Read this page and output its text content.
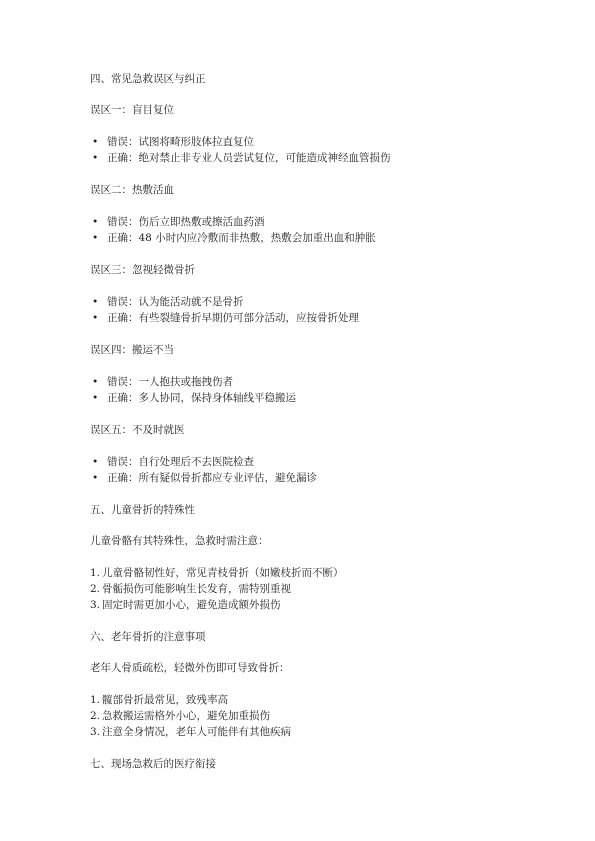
四、常见急救误区与纠正

误区一：盲目复位

• 错误：试图将畸形肢体拉直复位
• 正确：绝对禁止非专业人员尝试复位，可能造成神经血管损伤

误区二：热敷活血

• 错误：伤后立即热敷或擦活血药酒
• 正确：48 小时内应冷敷而非热敷，热敷会加重出血和肿胀

误区三：忽视轻微骨折

• 错误：认为能活动就不是骨折
• 正确：有些裂缝骨折早期仍可部分活动，应按骨折处理

误区四：搬运不当

• 错误：一人抱扶或拖拽伤者
• 正确：多人协同，保持身体轴线平稳搬运

误区五：不及时就医

• 错误：自行处理后不去医院检查
• 正确：所有疑似骨折都应专业评估，避免漏诊

五、儿童骨折的特殊性

儿童骨骼有其特殊性，急救时需注意：

1. 儿童骨骼韧性好，常见青枝骨折（如嫩枝折而不断）
2. 骨骺损伤可能影响生长发育，需特别重视
3. 固定时需更加小心，避免造成额外损伤

六、老年骨折的注意事项

老年人骨质疏松，轻微外伤即可导致骨折：

1. 髋部骨折最常见，致残率高
2. 急救搬运需格外小心，避免加重损伤
3. 注意全身情况，老年人可能伴有其他疾病

七、现场急救后的医疗衔接
